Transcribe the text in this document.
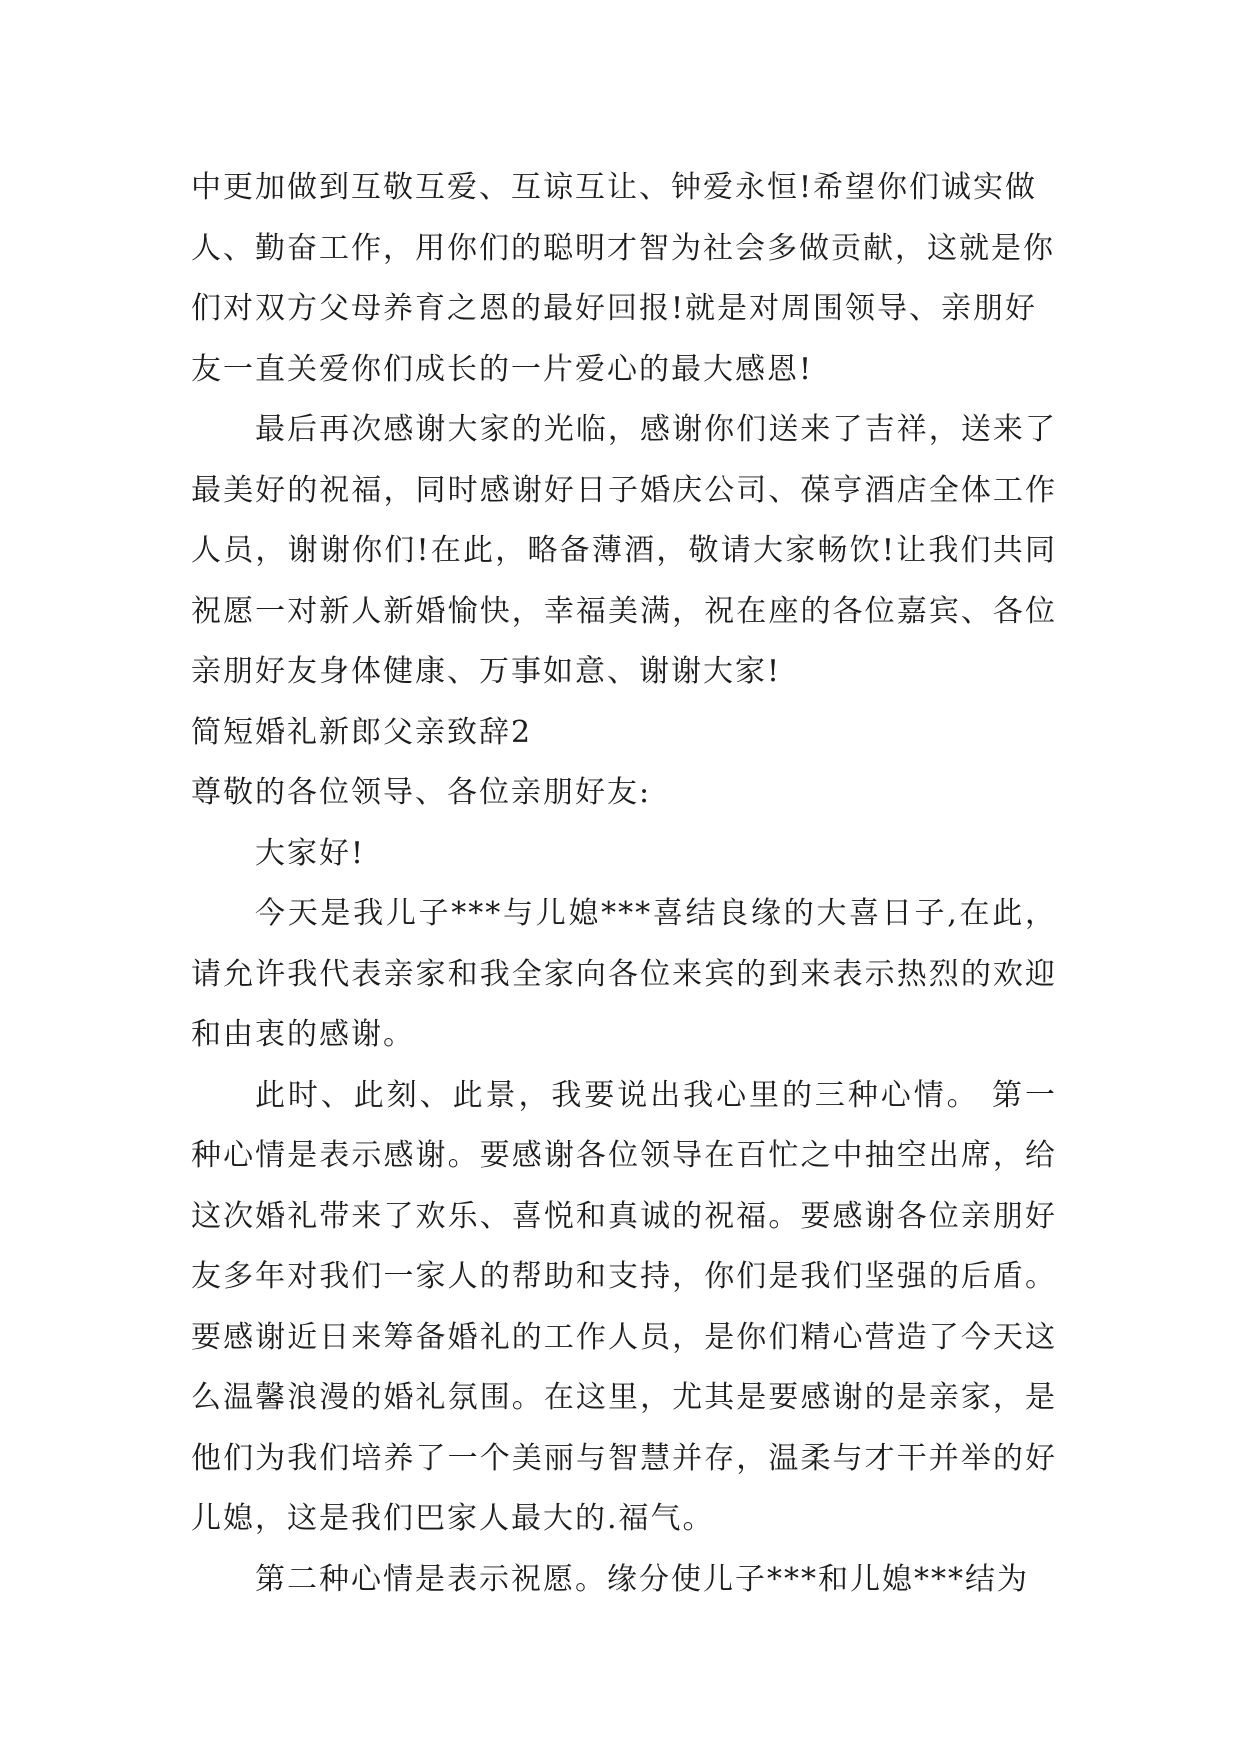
中更加做到互敬互爱、互谅互让、钟爱永恒!希望你们诚实做人、勤奋工作，用你们的聪明才智为社会多做贡献，这就是你们对双方父母养育之恩的最好回报!就是对周围领导、亲朋好友一直关爱你们成长的一片爱心的最大感恩!

最后再次感谢大家的光临，感谢你们送来了吉祥，送来了最美好的祝福，同时感谢好日子婚庆公司、葆亨酒店全体工作人员，谢谢你们!在此，略备薄酒，敬请大家畅饮!让我们共同祝愿一对新人新婚愉快，幸福美满，祝在座的各位嘉宾、各位亲朋好友身体健康、万事如意、谢谢大家!

简短婚礼新郎父亲致辞2

尊敬的各位领导、各位亲朋好友:

大家好!

今天是我儿子***与儿媳***喜结良缘的大喜日子,在此，请允许我代表亲家和我全家向各位来宾的到来表示热烈的欢迎和由衷的感谢。

此时、此刻、此景，我要说出我心里的三种心情。 第一种心情是表示感谢。要感谢各位领导在百忙之中抽空出席，给这次婚礼带来了欢乐、喜悦和真诚的祝福。要感谢各位亲朋好友多年对我们一家人的帮助和支持，你们是我们坚强的后盾。要感谢近日来筹备婚礼的工作人员，是你们精心营造了今天这么温馨浪漫的婚礼氛围。在这里，尤其是要感谢的是亲家，是他们为我们培养了一个美丽与智慧并存，温柔与才干并举的好儿媳，这是我们巴家人最大的.福气。

第二种心情是表示祝愿。缘分使儿子***和儿媳***结为
